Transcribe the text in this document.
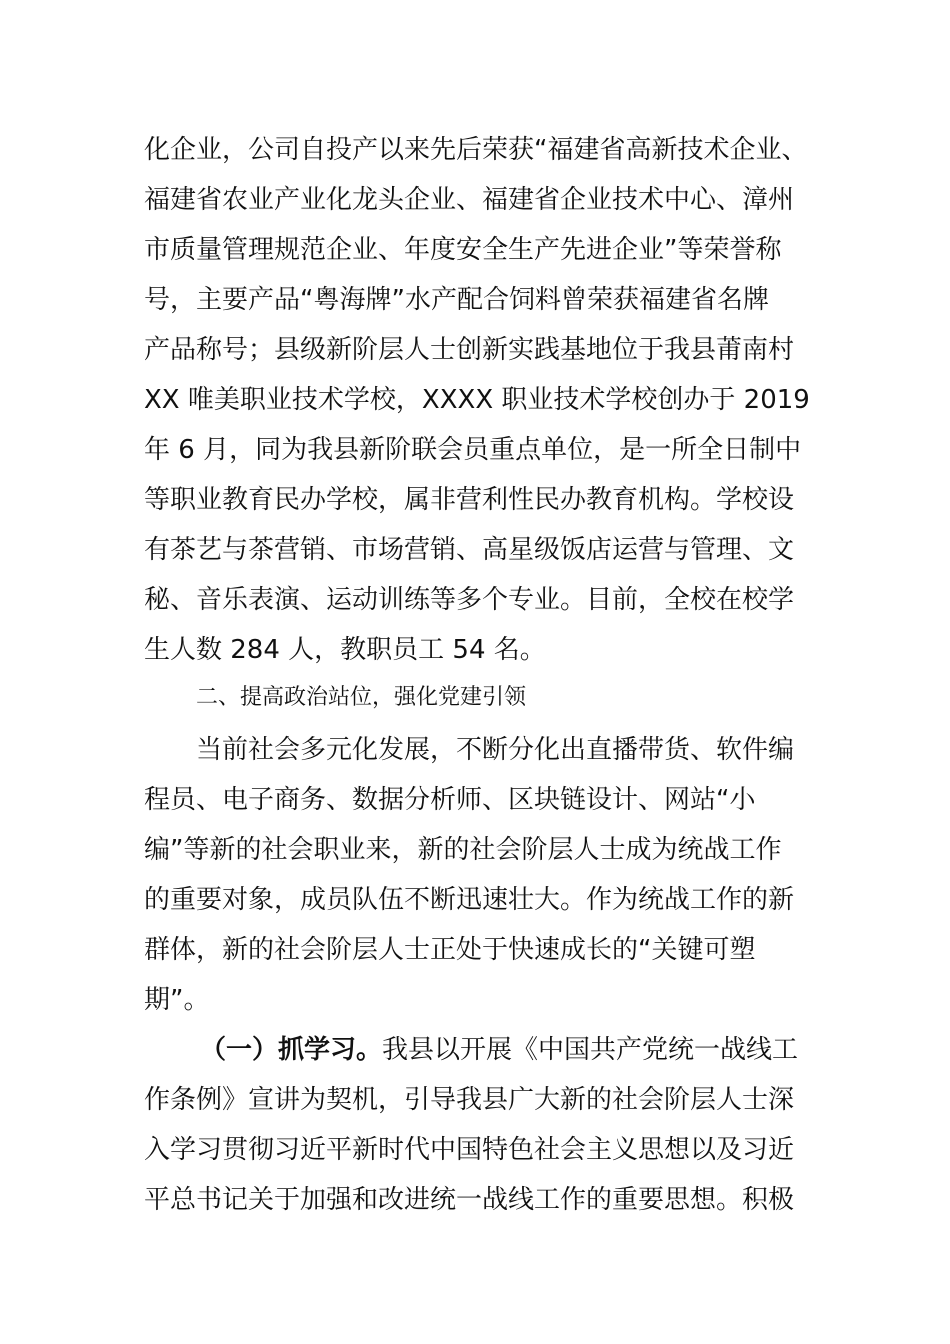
化企业，公司自投产以来先后荣获“福建省高新技术企业、
福建省农业产业化龙头企业、福建省企业技术中心、漳州
市质量管理规范企业、年度安全生产先进企业”等荣誉称
号，主要产品“粤海牌”水产配合饲料曾荣获福建省名牌
产品称号；县级新阶层人士创新实践基地位于我县莆南村
XX 唯美职业技术学校，XXXX 职业技术学校创办于 2019
年 6 月，同为我县新阶联会员重点单位，是一所全日制中
等职业教育民办学校，属非营利性民办教育机构。学校设
有茶艺与茶营销、市场营销、高星级饭店运营与管理、文
秘、音乐表演、运动训练等多个专业。目前，全校在校学
生人数 284 人，教职员工 54 名。
二、提高政治站位，强化党建引领
当前社会多元化发展，不断分化出直播带货、软件编
程员、电子商务、数据分析师、区块链设计、网站“小
编”等新的社会职业来，新的社会阶层人士成为统战工作
的重要对象，成员队伍不断迅速壮大。作为统战工作的新
群体，新的社会阶层人士正处于快速成长的“关键可塑
期”。
（一）抓学习。我县以开展《中国共产党统一战线工
作条例》宣讲为契机，引导我县广大新的社会阶层人士深
入学习贯彻习近平新时代中国特色社会主义思想以及习近
平总书记关于加强和改进统一战线工作的重要思想。积极
